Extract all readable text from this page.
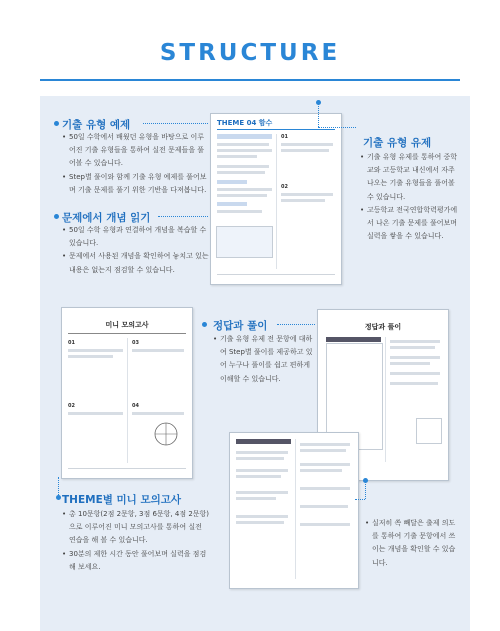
STRUCTURE
기출 유형 예제
• 50일 수학에서 배웠던 유형을 바탕으로 이루어진 기출 유형들을 통하여 실전 문제들을 풀어볼 수 있습니다.
• Step별 풀이와 함께 기출 유형 예제를 풀어보며 기출 문제를 풀기 위한 기반을 다져봅니다.
문제에서 개념 읽기
• 50일 수학 유형과 연결하여 개념을 복습할 수 있습니다.
• 문제에서 사용된 개념을 확인하여 놓치고 있는 내용은 없는지 점검할 수 있습니다.
THEME 04 함수
01
02
기출 유형 유제
• 기출 유형 유제를 통하여 중학교와 고등학교 내신에서 자주 나오는 기출 유형들을 풀어볼 수 있습니다.
• 고등학교 전국연합학력평가에서 나온 기출 문제를 풀어보며 실력을 쌓을 수 있습니다.
미니 모의고사
01
02
03
04
정답과 풀이
• 기출 유형 유제 전 문항에 대하여 Step별 풀이를 제공하고 있어 누구나 풀이를 쉽고 편하게 이해할 수 있습니다.
정답과 풀이
THEME별 미니 모의고사
• 총 10문항(2점 2문항, 3점 6문항, 4점 2문항)으로 이루어진 미니 모의고사를 통하여 실전 연습을 해 볼 수 있습니다.
• 30분의 제한 시간 동안 풀어보며 실력을 점검해 보세요.
• 실저히 쏙 빼달은 출제 의도를 통하여 기출 문항에서 쓰이는 개념을 확인할 수 있습니다.
